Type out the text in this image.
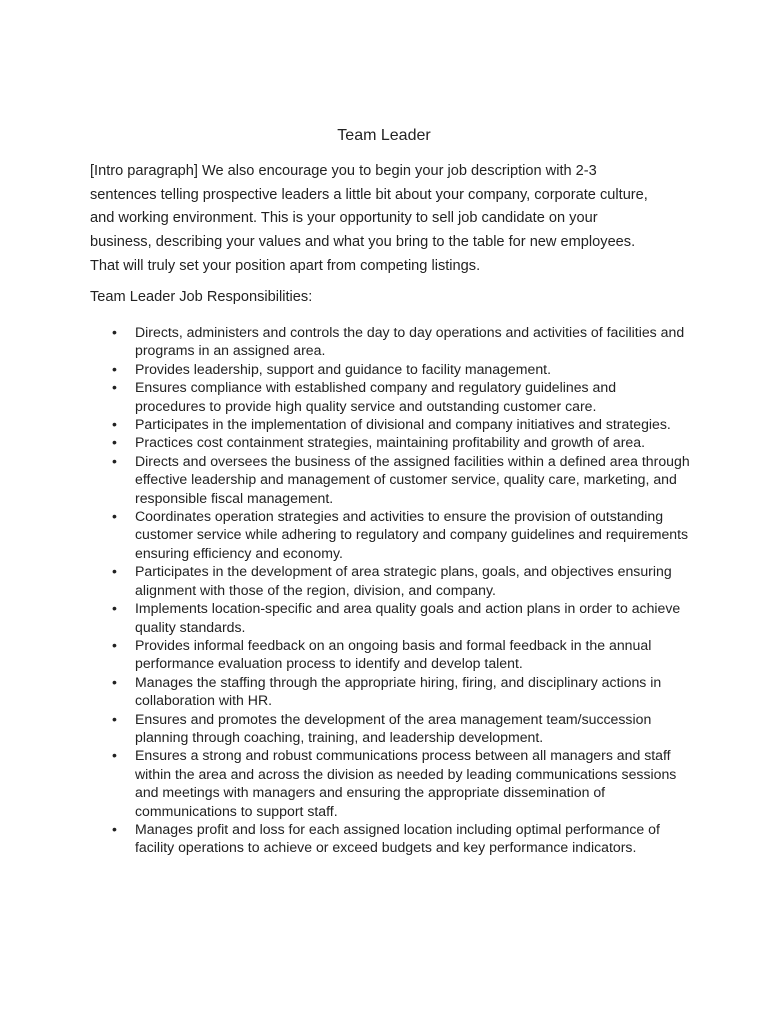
Team Leader

[Intro paragraph] We also encourage you to begin your job description with 2-3 sentences telling prospective leaders a little bit about your company, corporate culture, and working environment. This is your opportunity to sell job candidate on your business, describing your values and what you bring to the table for new employees. That will truly set your position apart from competing listings.

Team Leader Job Responsibilities:

•	Directs, administers and controls the day to day operations and activities of facilities and programs in an assigned area.
•	Provides leadership, support and guidance to facility management.
•	Ensures compliance with established company and regulatory guidelines and procedures to provide high quality service and outstanding customer care.
•	Participates in the implementation of divisional and company initiatives and strategies.
•	Practices cost containment strategies, maintaining profitability and growth of area.
•	Directs and oversees the business of the assigned facilities within a defined area through effective leadership and management of customer service, quality care, marketing, and responsible fiscal management.
•	Coordinates operation strategies and activities to ensure the provision of outstanding customer service while adhering to regulatory and company guidelines and requirements ensuring efficiency and economy.
•	Participates in the development of area strategic plans, goals, and objectives ensuring alignment with those of the region, division, and company.
•	Implements location-specific and area quality goals and action plans in order to achieve quality standards.
•	Provides informal feedback on an ongoing basis and formal feedback in the annual performance evaluation process to identify and develop talent.
•	Manages the staffing through the appropriate hiring, firing, and disciplinary actions in collaboration with HR.
•	Ensures and promotes the development of the area management team/succession planning through coaching, training, and leadership development.
•	Ensures a strong and robust communications process between all managers and staff within the area and across the division as needed by leading communications sessions and meetings with managers and ensuring the appropriate dissemination of communications to support staff.
•	Manages profit and loss for each assigned location including optimal performance of facility operations to achieve or exceed budgets and key performance indicators.
